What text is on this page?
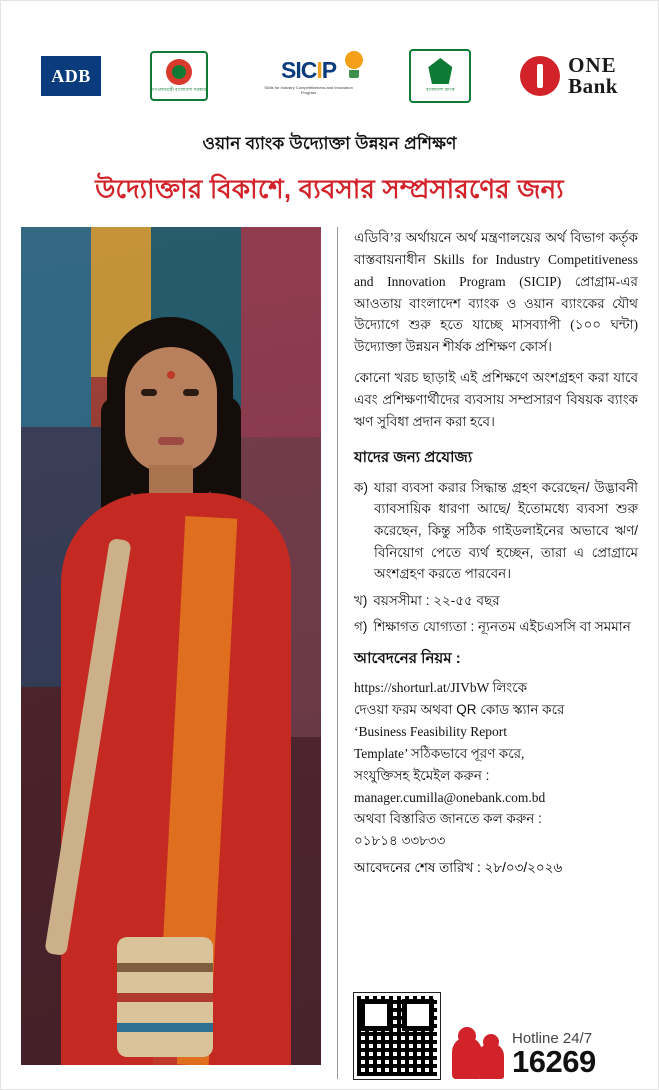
ADB
গণপ্রজাতন্ত্রী বাংলাদেশ সরকার
SICIP
Skills for Industry Competitiveness and Innovation Program	বাংলাদেশ ব্যাংক
ONE
Bank
ওয়ান ব্যাংক উদ্যোক্তা উন্নয়ন প্রশিক্ষণ
উদ্যোক্তার বিকাশে, ব্যবসার সম্প্রসারণের জন্য

এডিবি’র অর্থায়নে অর্থ মন্ত্রণালয়ের অর্থ বিভাগ কর্তৃক বাস্তবায়নাধীন Skills for Industry Competitiveness and Innovation Program (SICIP) প্রোগ্রাম-এর আওতায় বাংলাদেশ ব্যাংক ও ওয়ান ব্যাংকের যৌথ উদ্যোগে শুরু হতে যাচ্ছে মাসব্যাপী (১০০ ঘন্টা) উদ্যোক্তা উন্নয়ন শীর্ষক প্রশিক্ষণ কোর্স।

কোনো খরচ ছাড়াই এই প্রশিক্ষণে অংশগ্রহণ করা যাবে এবং প্রশিক্ষণার্থীদের ব্যবসায় সম্প্রসারণ বিষয়ক ব্যাংক ঋণ সুবিধা প্রদান করা হবে।

যাদের জন্য প্রযোজ্য
ক) যারা ব্যবসা করার সিদ্ধান্ত গ্রহণ করেছেন/ উদ্ভাবনী ব্যাবসায়িক ধারণা আছে/ ইতোমধ্যে ব্যবসা শুরু করেছেন, কিন্তু সঠিক গাইডলাইনের অভাবে ঋণ/বিনিয়োগ পেতে ব্যর্থ হচ্ছেন, তারা এ প্রোগ্রামে অংশগ্রহণ করতে পারবেন।
খ) বয়সসীমা : ২২-৫৫ বছর
গ) শিক্ষাগত যোগ্যতা : ন্যূনতম এইচএসসি বা সমমান
আবেদনের নিয়ম :
https://shorturl.at/JIVbW লিংকে
দেওয়া ফরম অথবা QR কোড স্ক্যান করে
‘Business Feasibility Report
Template’ সঠিকভাবে পূরণ করে,
সংযুক্তিসহ ইমেইল করুন :
manager.cumilla@onebank.com.bd
অথবা বিস্তারিত জানতে কল করুন :
০১৮১৪ ৩৩৮৩৩
আবেদনের শেষ তারিখ : ২৮/০৩/২০২৬
Hotline 24/7
16269
